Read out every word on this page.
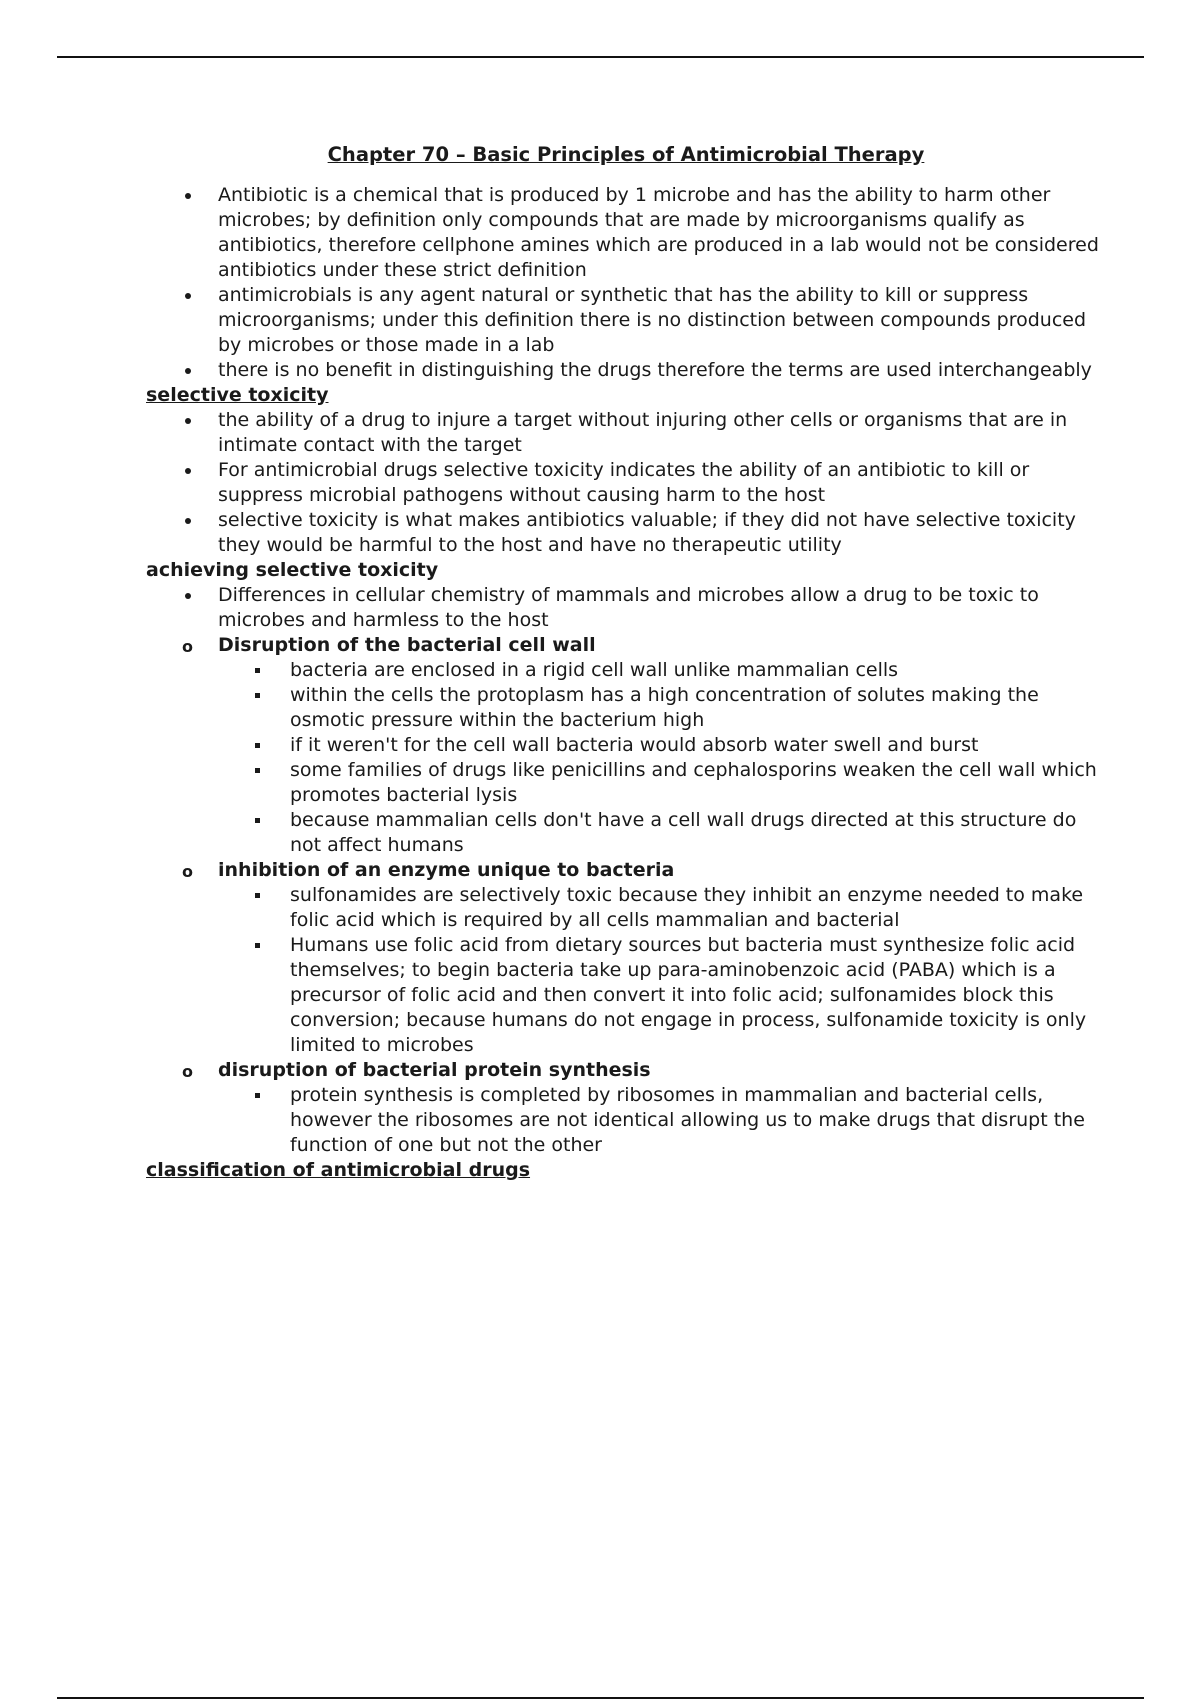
Chapter 70 – Basic Principles of Antimicrobial Therapy
Antibiotic is a chemical that is produced by 1 microbe and has the ability to harm other microbes; by definition only compounds that are made by microorganisms qualify as antibiotics, therefore cellphone amines which are produced in a lab would not be considered antibiotics under these strict definition
antimicrobials is any agent natural or synthetic that has the ability to kill or suppress microorganisms; under this definition there is no distinction between compounds produced by microbes or those made in a lab
there is no benefit in distinguishing the drugs therefore the terms are used interchangeably
selective toxicity
the ability of a drug to injure a target without injuring other cells or organisms that are in intimate contact with the target
For antimicrobial drugs selective toxicity indicates the ability of an antibiotic to kill or suppress microbial pathogens without causing harm to the host
selective toxicity is what makes antibiotics valuable; if they did not have selective toxicity they would be harmful to the host and have no therapeutic utility
achieving selective toxicity
Differences in cellular chemistry of mammals and microbes allow a drug to be toxic to microbes and harmless to the host
o Disruption of the bacterial cell wall
bacteria are enclosed in a rigid cell wall unlike mammalian cells
within the cells the protoplasm has a high concentration of solutes making the osmotic pressure within the bacterium high
if it weren't for the cell wall bacteria would absorb water swell and burst
some families of drugs like penicillins and cephalosporins weaken the cell wall which promotes bacterial lysis
because mammalian cells don't have a cell wall drugs directed at this structure do not affect humans
o inhibition of an enzyme unique to bacteria
sulfonamides are selectively toxic because they inhibit an enzyme needed to make folic acid which is required by all cells mammalian and bacterial
Humans use folic acid from dietary sources but bacteria must synthesize folic acid themselves; to begin bacteria take up para-aminobenzoic acid (PABA) which is a precursor of folic acid and then convert it into folic acid; sulfonamides block this conversion; because humans do not engage in process, sulfonamide toxicity is only limited to microbes
o disruption of bacterial protein synthesis
protein synthesis is completed by ribosomes in mammalian and bacterial cells, however the ribosomes are not identical allowing us to make drugs that disrupt the function of one but not the other
classification of antimicrobial drugs
